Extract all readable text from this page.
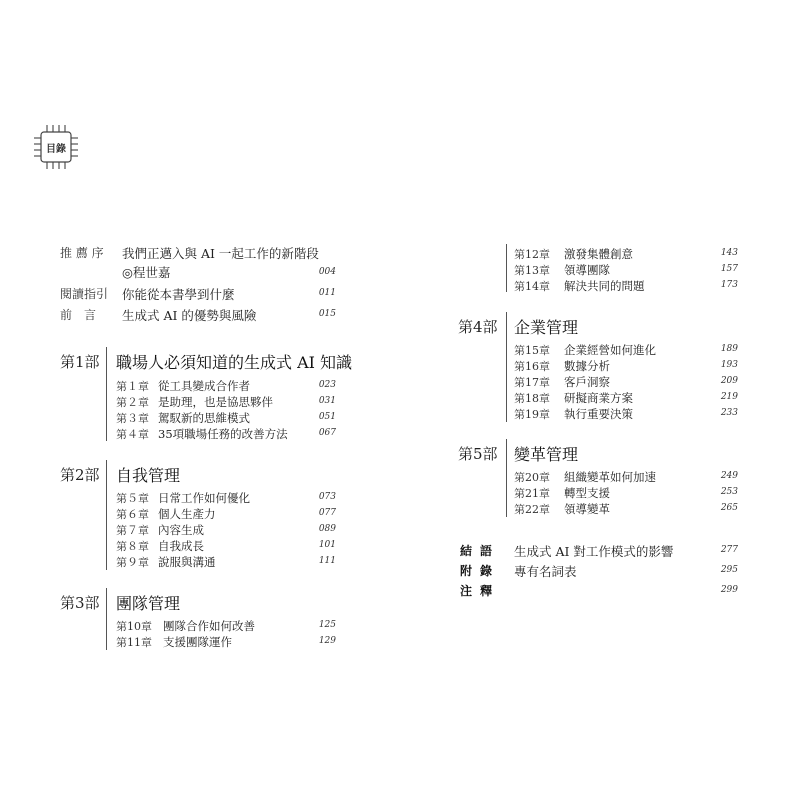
目錄
推 薦 序 我們正邁入與 AI 一起工作的新階段
◎程世嘉	004
閱讀指引 你能從本書學到什麼	011
前　言 生成式 AI 的優勢與風險	015
第1部 職場人必須知道的生成式 AI 知識
第１章 從工具變成合作者	023
第２章 是助理，也是協思夥伴	031
第３章 駕馭新的思維模式	051
第４章 35項職場任務的改善方法	067
第2部 自我管理
第５章 日常工作如何優化	073
第６章 個人生產力	077
第７章 內容生成	089
第８章 自我成長	101
第９章 說服與溝通	111
第3部 團隊管理
第10章 團隊合作如何改善	125
第11章 支援團隊運作	129
第12章 激發集體創意	143
第13章 領導團隊	157
第14章 解決共同的問題	173
第4部 企業管理
第15章 企業經營如何進化	189
第16章 數據分析	193
第17章 客戶洞察	209
第18章 研擬商業方案	219
第19章 執行重要決策	233
第5部 變革管理
第20章 組織變革如何加速	249
第21章 轉型支援	253
第22章 領導變革	265
結語 生成式 AI 對工作模式的影響	277
附錄 專有名詞表	295
注釋	299
